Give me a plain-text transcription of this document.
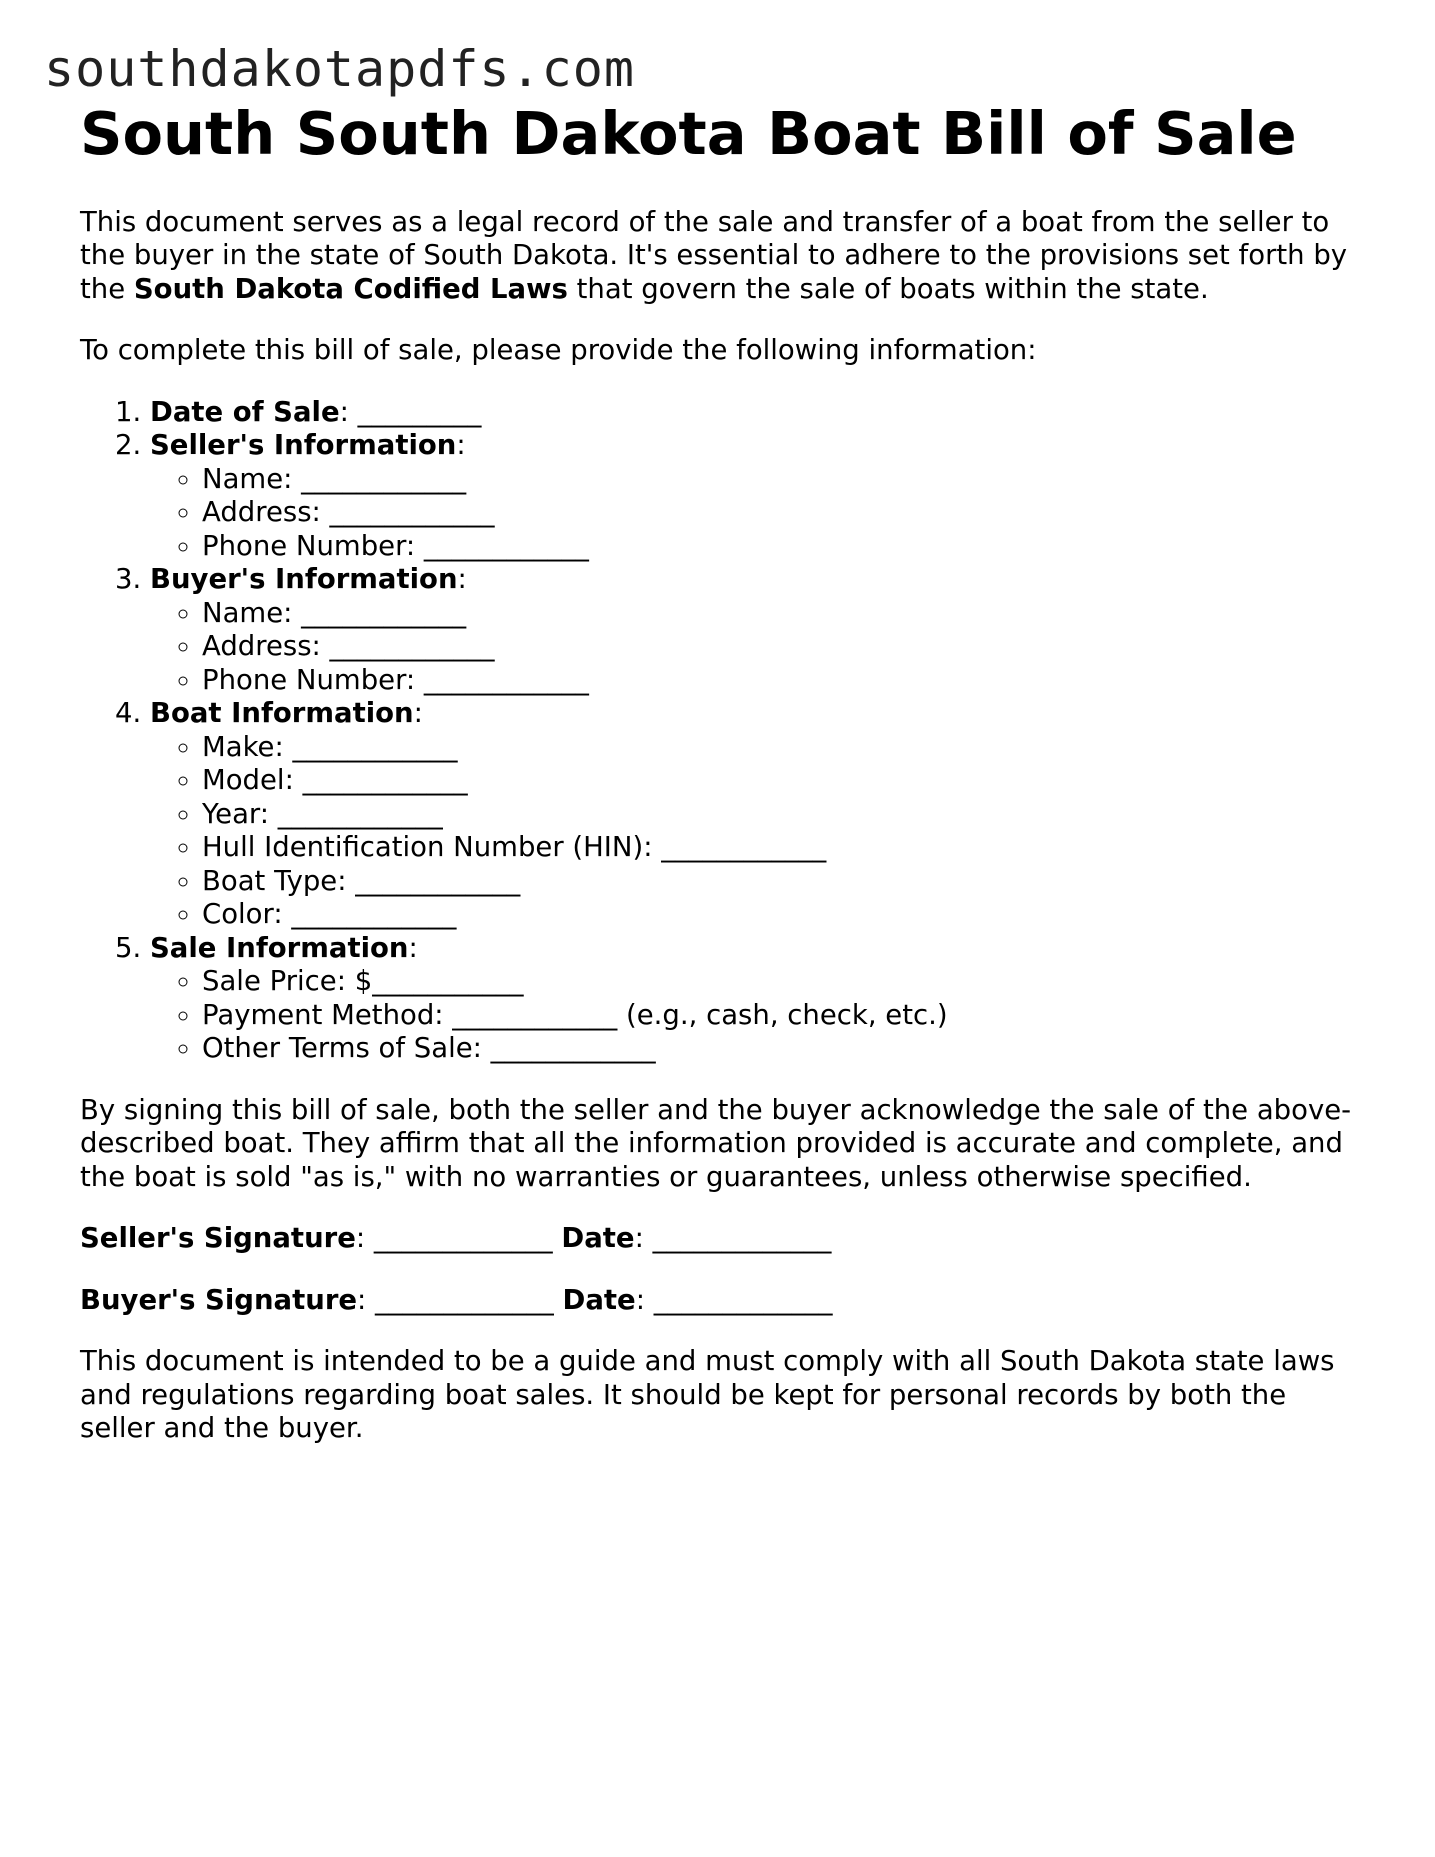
southdakotapdfs.com
South South Dakota Boat Bill of Sale

This document serves as a legal record of the sale and transfer of a boat from the seller to the buyer in the state of South Dakota. It's essential to adhere to the provisions set forth by the South Dakota Codified Laws that govern the sale of boats within the state.

To complete this bill of sale, please provide the following information:

1. Date of Sale: _________
2. Seller's Information:
◦ Name: ____________
◦ Address: ____________
◦ Phone Number: ____________
3. Buyer's Information:
◦ Name: ____________
◦ Address: ____________
◦ Phone Number: ____________
4. Boat Information:
◦ Make: ____________
◦ Model: ____________
◦ Year: ____________
◦ Hull Identification Number (HIN): ____________
◦ Boat Type: ____________
◦ Color: ____________
5. Sale Information:
◦ Sale Price: $___________
◦ Payment Method: ____________ (e.g., cash, check, etc.)
◦ Other Terms of Sale: ____________

By signing this bill of sale, both the seller and the buyer acknowledge the sale of the above-described boat. They affirm that all the information provided is accurate and complete, and the boat is sold "as is," with no warranties or guarantees, unless otherwise specified.

Seller's Signature: _____________ Date: _____________

Buyer's Signature: _____________ Date: _____________

This document is intended to be a guide and must comply with all South Dakota state laws and regulations regarding boat sales. It should be kept for personal records by both the seller and the buyer.
